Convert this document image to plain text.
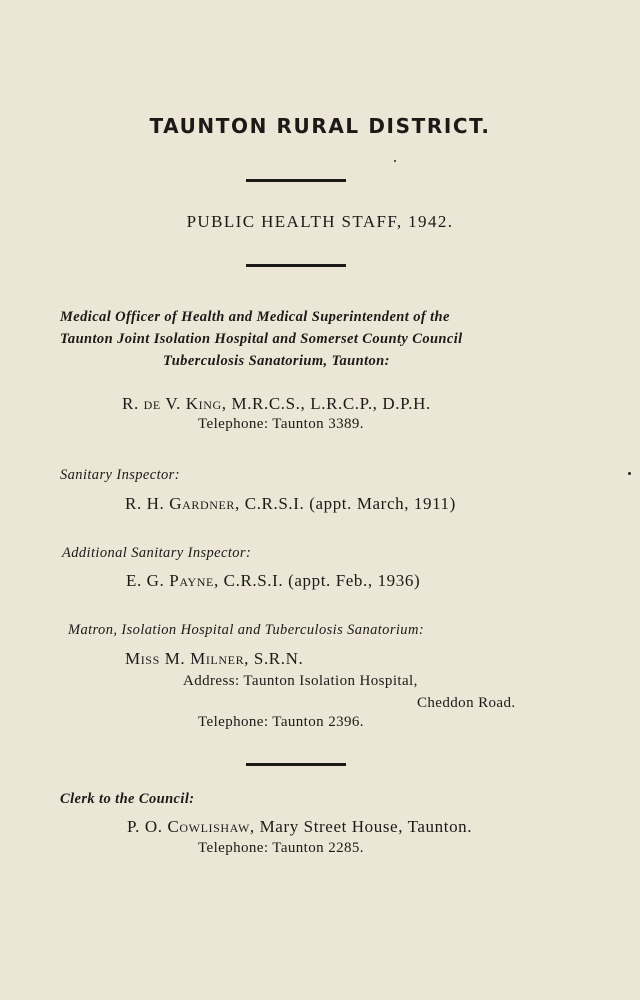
TAUNTON RURAL DISTRICT.
PUBLIC HEALTH STAFF, 1942.
Medical Officer of Health and Medical Superintendent of the
Taunton Joint Isolation Hospital and Somerset County Council
Tuberculosis Sanatorium, Taunton:
R. de V. King, M.R.C.S., L.R.C.P., D.P.H.
Telephone: Taunton 3389.
Sanitary Inspector:
R. H. Gardner, C.R.S.I. (appt. March, 1911)
Additional Sanitary Inspector:
E. G. Payne, C.R.S.I. (appt. Feb., 1936)
Matron, Isolation Hospital and Tuberculosis Sanatorium:
Miss M. Milner, S.R.N.
Address: Taunton Isolation Hospital,
Cheddon Road.
Telephone: Taunton 2396.
Clerk to the Council:
P. O. Cowlishaw, Mary Street House, Taunton.
Telephone: Taunton 2285.
